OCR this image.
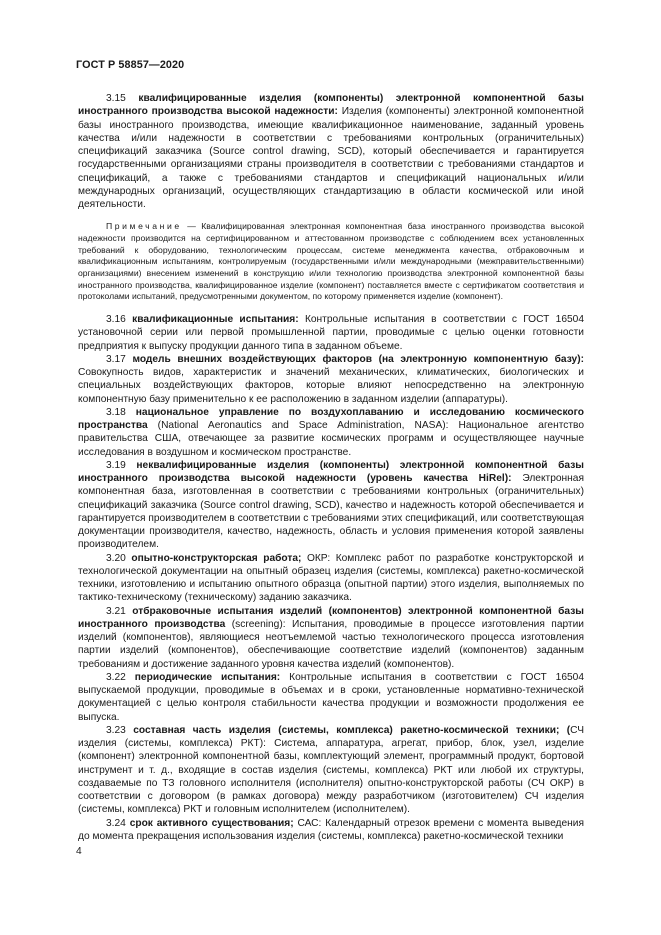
ГОСТ Р 58857—2020

3.15 квалифицированные изделия (компоненты) электронной компонентной базы иностранного производства высокой надежности: Изделия (компоненты) электронной компонентной базы иностранного производства, имеющие квалификационное наименование, заданный уровень качества и/или надежности в соответствии с требованиями контрольных (ограничительных) спецификаций заказчика (Source control drawing, SCD), который обеспечивается и гарантируется государственными организациями страны производителя в соответствии с требованиями стандартов и спецификаций, а также с требованиями стандартов и спецификаций национальных и/или международных организаций, осуществляющих стандартизацию в области космической или иной деятельности.

Примечание — Квалифицированная электронная компонентная база иностранного производства высокой надежности производится на сертифицированном и аттестованном производстве с соблюдением всех установленных требований к оборудованию, технологическим процессам, системе менеджмента качества, отбраковочным и квалификационным испытаниям, контролируемым (государственными и/или международными (межправительственными) организациями) внесением изменений в конструкцию и/или технологию производства электронной компонентной базы иностранного производства, квалифицированное изделие (компонент) поставляется вместе с сертификатом соответствия и протоколами испытаний, предусмотренными документом, по которому применяется изделие (компонент).

3.16 квалификационные испытания: Контрольные испытания в соответствии с ГОСТ 16504 установочной серии или первой промышленной партии, проводимые с целью оценки готовности предприятия к выпуску продукции данного типа в заданном объеме.

3.17 модель внешних воздействующих факторов (на электронную компонентную базу): Совокупность видов, характеристик и значений механических, климатических, биологических и специальных воздействующих факторов, которые влияют непосредственно на электронную компонентную базу применительно к ее расположению в заданном изделии (аппаратуры).

3.18 национальное управление по воздухоплаванию и исследованию космического пространства (National Aeronautics and Space Administration, NASA): Национальное агентство правительства США, отвечающее за развитие космических программ и осуществляющее научные исследования в воздушном и космическом пространстве.

3.19 неквалифицированные изделия (компоненты) электронной компонентной базы иностранного производства высокой надежности (уровень качества HiRel): Электронная компонентная база, изготовленная в соответствии с требованиями контрольных (ограничительных) спецификаций заказчика (Source control drawing, SCD), качество и надежность которой обеспечивается и гарантируется производителем в соответствии с требованиями этих спецификаций, или соответствующая документации производителя, качество, надежность, область и условия применения которой заявлены производителем.

3.20 опытно-конструкторская работа; ОКР: Комплекс работ по разработке конструкторской и технологической документации на опытный образец изделия (системы, комплекса) ракетно-космической техники, изготовлению и испытанию опытного образца (опытной партии) этого изделия, выполняемых по тактико-техническому (техническому) заданию заказчика.

3.21 отбраковочные испытания изделий (компонентов) электронной компонентной базы иностранного производства (screening): Испытания, проводимые в процессе изготовления партии изделий (компонентов), являющиеся неотъемлемой частью технологического процесса изготовления партии изделий (компонентов), обеспечивающие соответствие изделий (компонентов) заданным требованиям и достижение заданного уровня качества изделий (компонентов).

3.22 периодические испытания: Контрольные испытания в соответствии с ГОСТ 16504 выпускаемой продукции, проводимые в объемах и в сроки, установленные нормативно-технической документацией с целью контроля стабильности качества продукции и возможности продолжения ее выпуска.

3.23 составная часть изделия (системы, комплекса) ракетно-космической техники; (СЧ изделия (системы, комплекса) РКТ): Система, аппаратура, агрегат, прибор, блок, узел, изделие (компонент) электронной компонентной базы, комплектующий элемент, программный продукт, бортовой инструмент и т. д., входящие в состав изделия (системы, комплекса) РКТ или любой их структуры, создаваемые по ТЗ головного исполнителя (исполнителя) опытно-конструкторской работы (СЧ ОКР) в соответствии с договором (в рамках договора) между разработчиком (изготовителем) СЧ изделия (системы, комплекса) РКТ и головным исполнителем (исполнителем).

3.24 срок активного существования; САС: Календарный отрезок времени с момента выведения до момента прекращения использования изделия (системы, комплекса) ракетно-космической техники

4
